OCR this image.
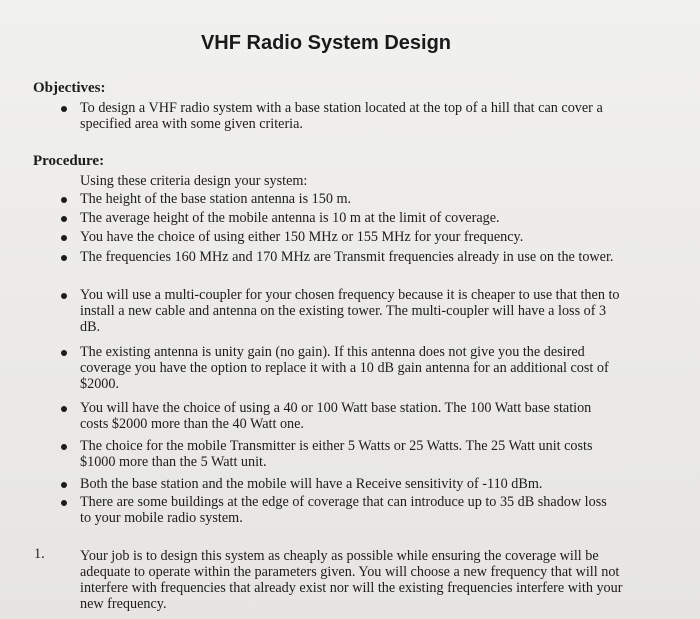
VHF Radio System Design
Objectives:
To design a VHF radio system with a base station located at the top of a hill that can cover a specified area with some given criteria.
Procedure:
Using these criteria design your system:
The height of the base station antenna is 150 m.
The average height of the mobile antenna is 10 m at the limit of coverage.
You have the choice of using either 150 MHz or 155 MHz for your frequency.
The frequencies 160 MHz and 170 MHz are Transmit frequencies already in use on the tower.
You will use a multi-coupler for your chosen frequency because it is cheaper to use that then to install a new cable and antenna on the existing tower. The multi-coupler will have a loss of 3 dB.
The existing antenna is unity gain (no gain). If this antenna does not give you the desired coverage you have the option to replace it with a 10 dB gain antenna for an additional cost of $2000.
You will have the choice of using a 40 or 100 Watt base station. The 100 Watt base station costs $2000 more than the 40 Watt one.
The choice for the mobile Transmitter is either 5 Watts or 25 Watts. The 25 Watt unit costs $1000 more than the 5 Watt unit.
Both the base station and the mobile will have a Receive sensitivity of -110 dBm.
There are some buildings at the edge of coverage that can introduce up to 35 dB shadow loss to your mobile radio system.
1. Your job is to design this system as cheaply as possible while ensuring the coverage will be adequate to operate within the parameters given. You will choose a new frequency that will not interfere with frequencies that already exist nor will the existing frequencies interfere with your new frequency.
